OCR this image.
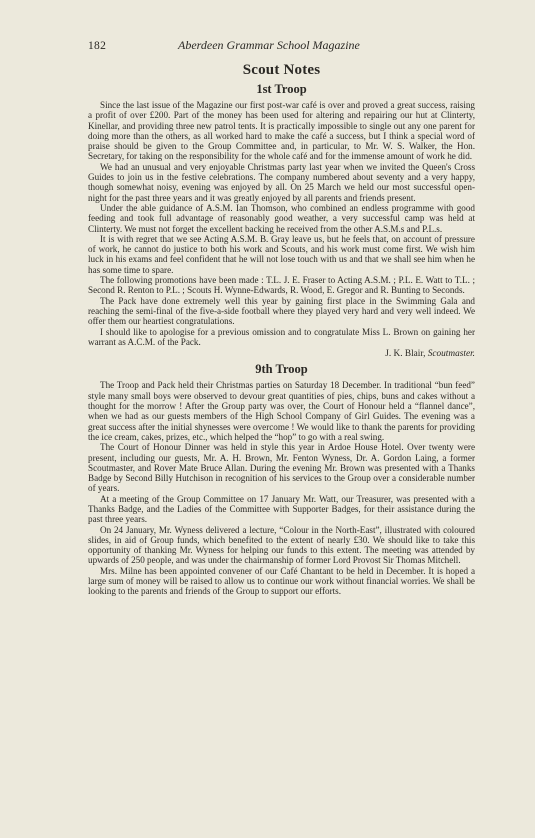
182	Aberdeen Grammar School Magazine
Scout Notes
1st Troop

Since the last issue of the Magazine our first post-war café is over and proved a great success, raising a profit of over £200. Part of the money has been used for altering and repairing our hut at Clinterty, Kinellar, and providing three new patrol tents. It is practically impossible to single out any one parent for doing more than the others, as all worked hard to make the café a success, but I think a special word of praise should be given to the Group Committee and, in particular, to Mr. W. S. Walker, the Hon. Secretary, for taking on the responsibility for the whole café and for the immense amount of work he did.

We had an unusual and very enjoyable Christmas party last year when we invited the Queen's Cross Guides to join us in the festive celebrations. The company numbered about seventy and a very happy, though somewhat noisy, evening was enjoyed by all. On 25 March we held our most successful open-night for the past three years and it was greatly enjoyed by all parents and friends present.

Under the able guidance of A.S.M. Ian Thomson, who combined an endless programme with good feeding and took full advantage of reasonably good weather, a very successful camp was held at Clinterty. We must not forget the excellent backing he received from the other A.S.M.s and P.L.s.

It is with regret that we see Acting A.S.M. B. Gray leave us, but he feels that, on account of pressure of work, he cannot do justice to both his work and Scouts, and his work must come first. We wish him luck in his exams and feel confident that he will not lose touch with us and that we shall see him when he has some time to spare.

The following promotions have been made : T.L. J. E. Fraser to Acting A.S.M. ; P.L. E. Watt to T.L. ; Second R. Renton to P.L. ; Scouts H. Wynne-Edwards, R. Wood, E. Gregor and R. Bunting to Seconds.

The Pack have done extremely well this year by gaining first place in the Swimming Gala and reaching the semi-final of the five-a-side football where they played very hard and very well indeed. We offer them our heartiest congratulations.

I should like to apologise for a previous omission and to congratulate Miss L. Brown on gaining her warrant as A.C.M. of the Pack.

J. K. Blair, Scoutmaster.

9th Troop

The Troop and Pack held their Christmas parties on Saturday 18 December. In traditional “bun feed” style many small boys were observed to devour great quantities of pies, chips, buns and cakes without a thought for the morrow ! After the Group party was over, the Court of Honour held a “flannel dance”, when we had as our guests members of the High School Company of Girl Guides. The evening was a great success after the initial shynesses were overcome ! We would like to thank the parents for providing the ice cream, cakes, prizes, etc., which helped the “hop” to go with a real swing.

The Court of Honour Dinner was held in style this year in Ardoe House Hotel. Over twenty were present, including our guests, Mr. A. H. Brown, Mr. Fenton Wyness, Dr. A. Gordon Laing, a former Scoutmaster, and Rover Mate Bruce Allan. During the evening Mr. Brown was presented with a Thanks Badge by Second Billy Hutchison in recognition of his services to the Group over a considerable number of years.

At a meeting of the Group Committee on 17 January Mr. Watt, our Treasurer, was presented with a Thanks Badge, and the Ladies of the Committee with Supporter Badges, for their assistance during the past three years.

On 24 January, Mr. Wyness delivered a lecture, “Colour in the North-East”, illustrated with coloured slides, in aid of Group funds, which benefited to the extent of nearly £30. We should like to take this opportunity of thanking Mr. Wyness for helping our funds to this extent. The meeting was attended by upwards of 250 people, and was under the chairmanship of former Lord Provost Sir Thomas Mitchell.

Mrs. Milne has been appointed convener of our Café Chantant to be held in December. It is hoped a large sum of money will be raised to allow us to continue our work without financial worries. We shall be looking to the parents and friends of the Group to support our efforts.
